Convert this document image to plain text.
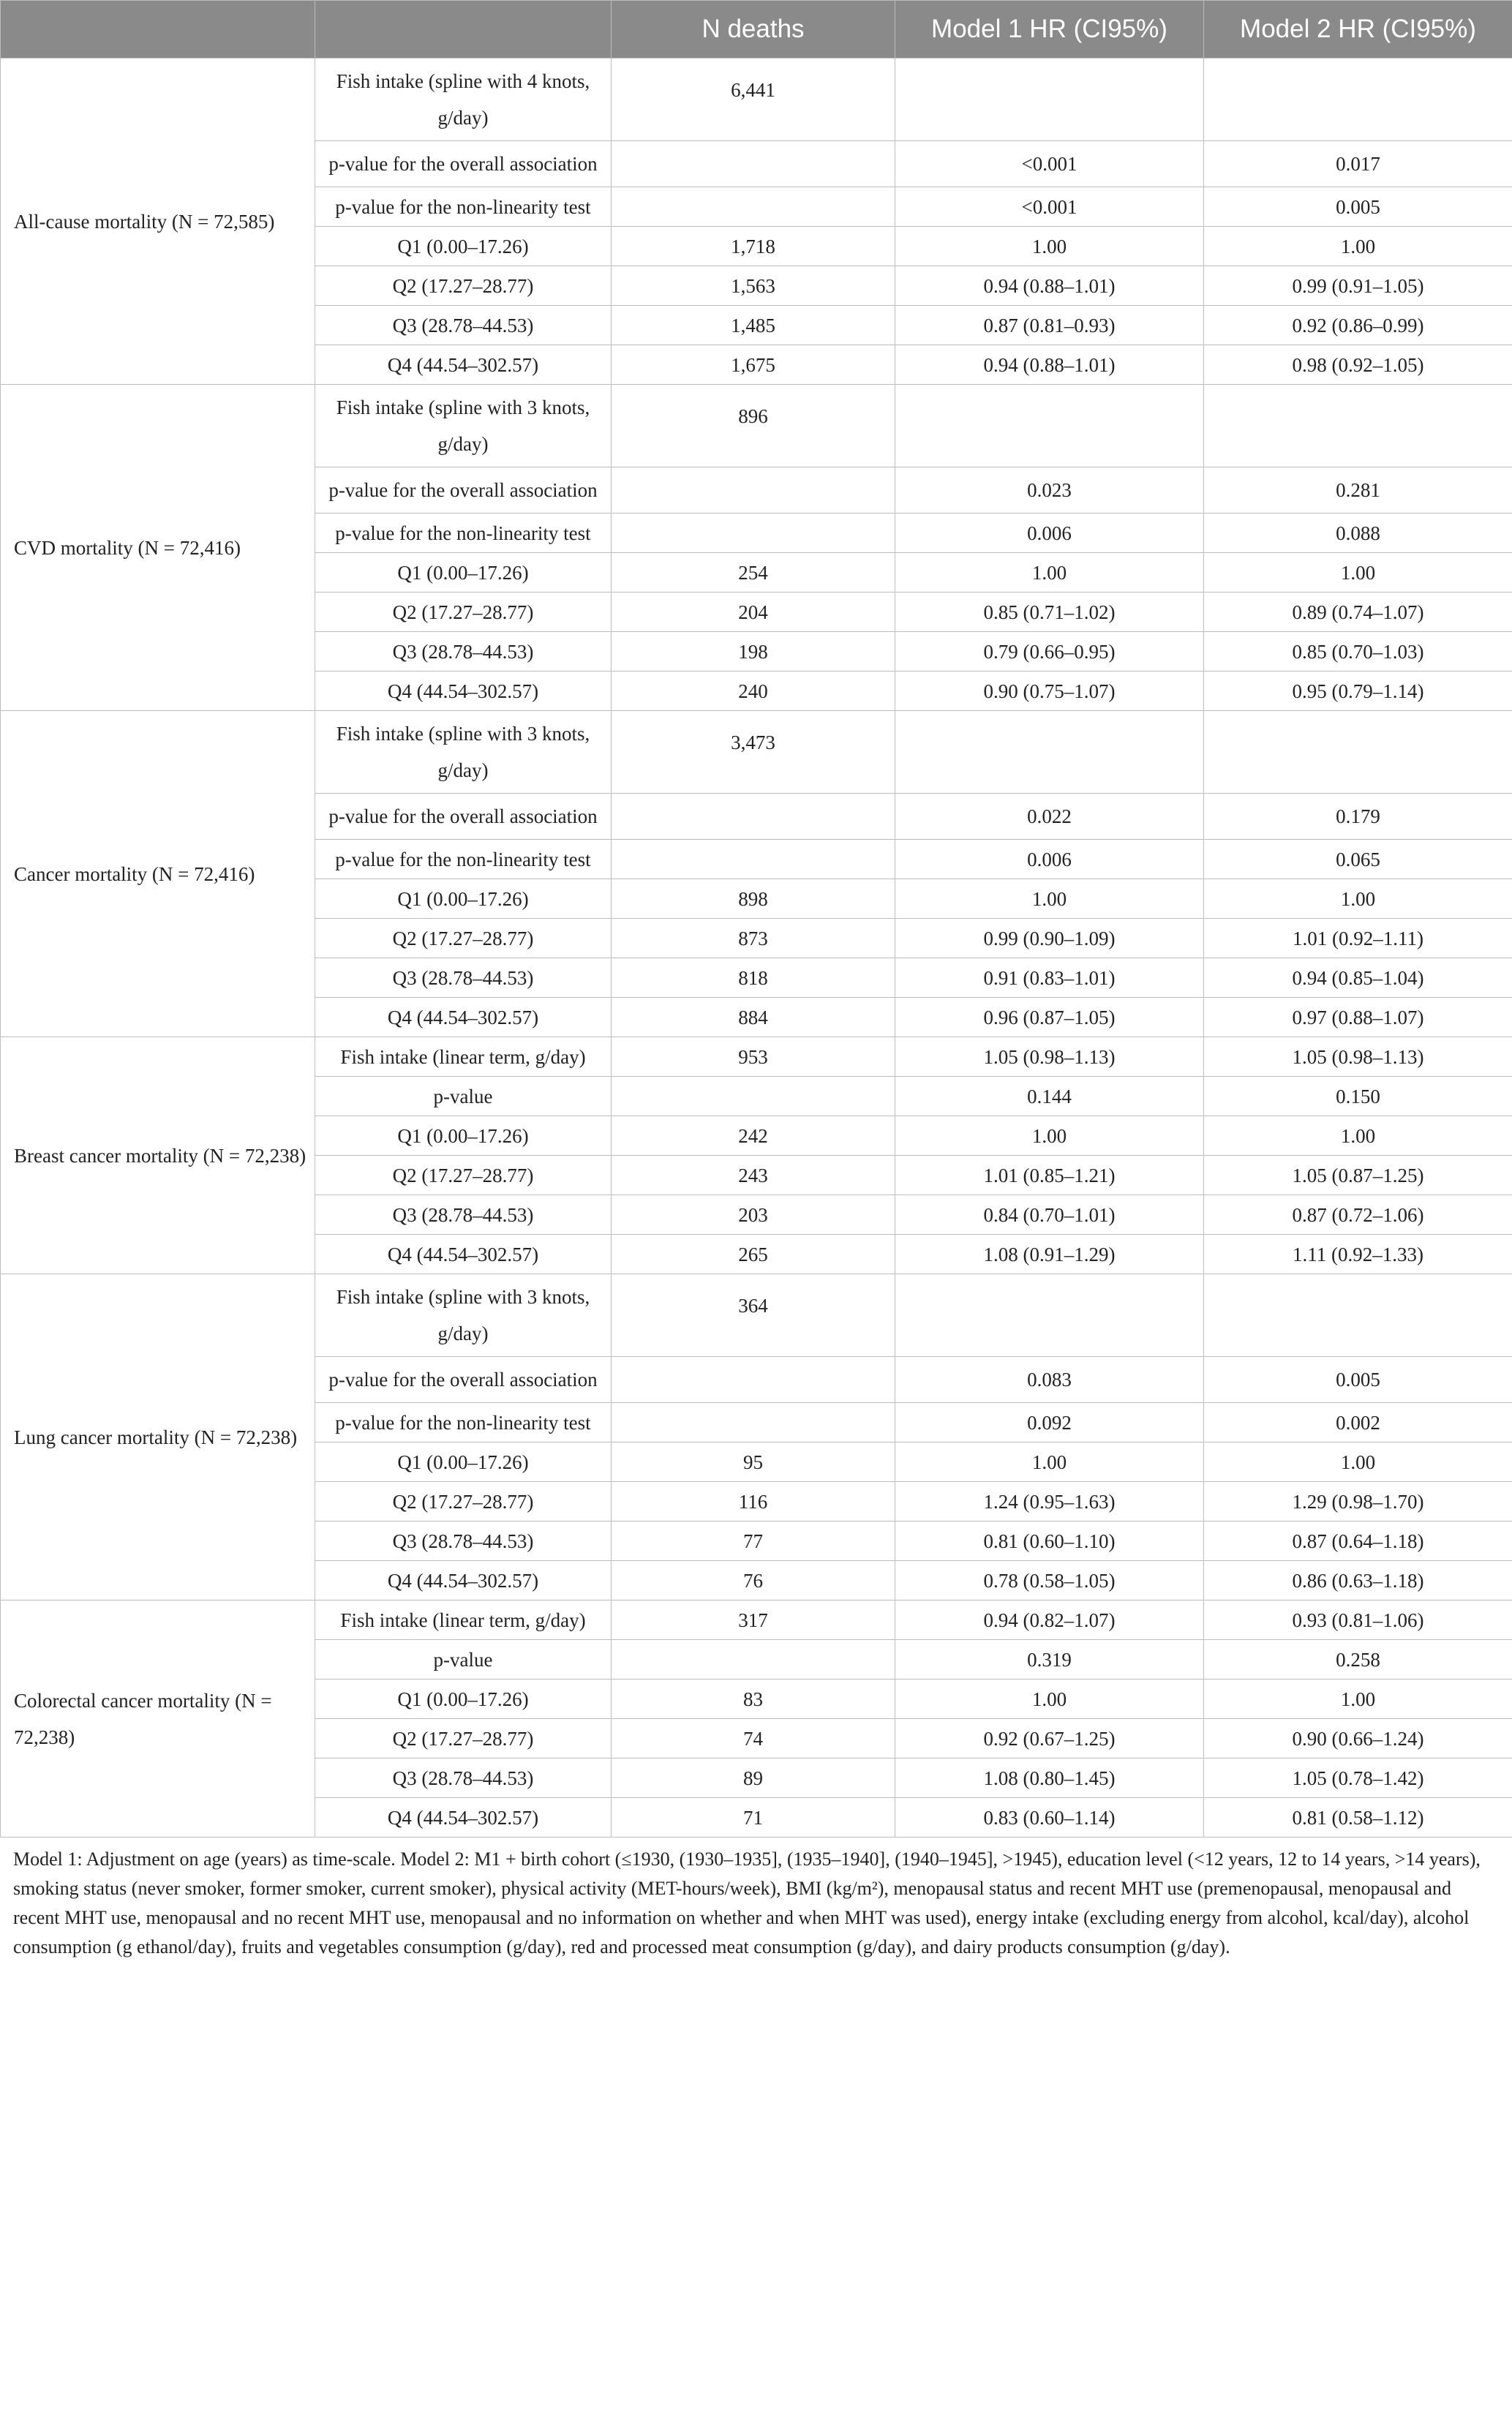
		N deaths	Model 1 HR (CI95%)	Model 2 HR (CI95%)
All-cause mortality (N = 72,585)	Fish intake (spline with 4 knots, g/day)	6,441		
	p-value for the overall association		<0.001	0.017
	p-value for the non-linearity test		<0.001	0.005
	Q1 (0.00–17.26)	1,718	1.00	1.00
	Q2 (17.27–28.77)	1,563	0.94 (0.88–1.01)	0.99 (0.91–1.05)
	Q3 (28.78–44.53)	1,485	0.87 (0.81–0.93)	0.92 (0.86–0.99)
	Q4 (44.54–302.57)	1,675	0.94 (0.88–1.01)	0.98 (0.92–1.05)
CVD mortality (N = 72,416)	Fish intake (spline with 3 knots, g/day)	896		
	p-value for the overall association		0.023	0.281
	p-value for the non-linearity test		0.006	0.088
	Q1 (0.00–17.26)	254	1.00	1.00
	Q2 (17.27–28.77)	204	0.85 (0.71–1.02)	0.89 (0.74–1.07)
	Q3 (28.78–44.53)	198	0.79 (0.66–0.95)	0.85 (0.70–1.03)
	Q4 (44.54–302.57)	240	0.90 (0.75–1.07)	0.95 (0.79–1.14)
Cancer mortality (N = 72,416)	Fish intake (spline with 3 knots, g/day)	3,473		
	p-value for the overall association		0.022	0.179
	p-value for the non-linearity test		0.006	0.065
	Q1 (0.00–17.26)	898	1.00	1.00
	Q2 (17.27–28.77)	873	0.99 (0.90–1.09)	1.01 (0.92–1.11)
	Q3 (28.78–44.53)	818	0.91 (0.83–1.01)	0.94 (0.85–1.04)
	Q4 (44.54–302.57)	884	0.96 (0.87–1.05)	0.97 (0.88–1.07)
Breast cancer mortality (N = 72,238)	Fish intake (linear term, g/day)	953	1.05 (0.98–1.13)	1.05 (0.98–1.13)
	p-value		0.144	0.150
	Q1 (0.00–17.26)	242	1.00	1.00
	Q2 (17.27–28.77)	243	1.01 (0.85–1.21)	1.05 (0.87–1.25)
	Q3 (28.78–44.53)	203	0.84 (0.70–1.01)	0.87 (0.72–1.06)
	Q4 (44.54–302.57)	265	1.08 (0.91–1.29)	1.11 (0.92–1.33)
Lung cancer mortality (N = 72,238)	Fish intake (spline with 3 knots, g/day)	364		
	p-value for the overall association		0.083	0.005
	p-value for the non-linearity test		0.092	0.002
	Q1 (0.00–17.26)	95	1.00	1.00
	Q2 (17.27–28.77)	116	1.24 (0.95–1.63)	1.29 (0.98–1.70)
	Q3 (28.78–44.53)	77	0.81 (0.60–1.10)	0.87 (0.64–1.18)
	Q4 (44.54–302.57)	76	0.78 (0.58–1.05)	0.86 (0.63–1.18)
Colorectal cancer mortality (N = 72,238)	Fish intake (linear term, g/day)	317	0.94 (0.82–1.07)	0.93 (0.81–1.06)
	p-value		0.319	0.258
	Q1 (0.00–17.26)	83	1.00	1.00
	Q2 (17.27–28.77)	74	0.92 (0.67–1.25)	0.90 (0.66–1.24)
	Q3 (28.78–44.53)	89	1.08 (0.80–1.45)	1.05 (0.78–1.42)
	Q4 (44.54–302.57)	71	0.83 (0.60–1.14)	0.81 (0.58–1.12)
Model 1: Adjustment on age (years) as time-scale. Model 2: M1 + birth cohort (≤1930, (1930–1935], (1935–1940], (1940–1945], >1945), education level (<12 years, 12 to 14 years, >14 years), smoking status (never smoker, former smoker, current smoker), physical activity (MET-hours/week), BMI (kg/m²), menopausal status and recent MHT use (premenopausal, menopausal and recent MHT use, menopausal and no recent MHT use, menopausal and no information on whether and when MHT was used), energy intake (excluding energy from alcohol, kcal/day), alcohol consumption (g ethanol/day), fruits and vegetables consumption (g/day), red and processed meat consumption (g/day), and dairy products consumption (g/day).
